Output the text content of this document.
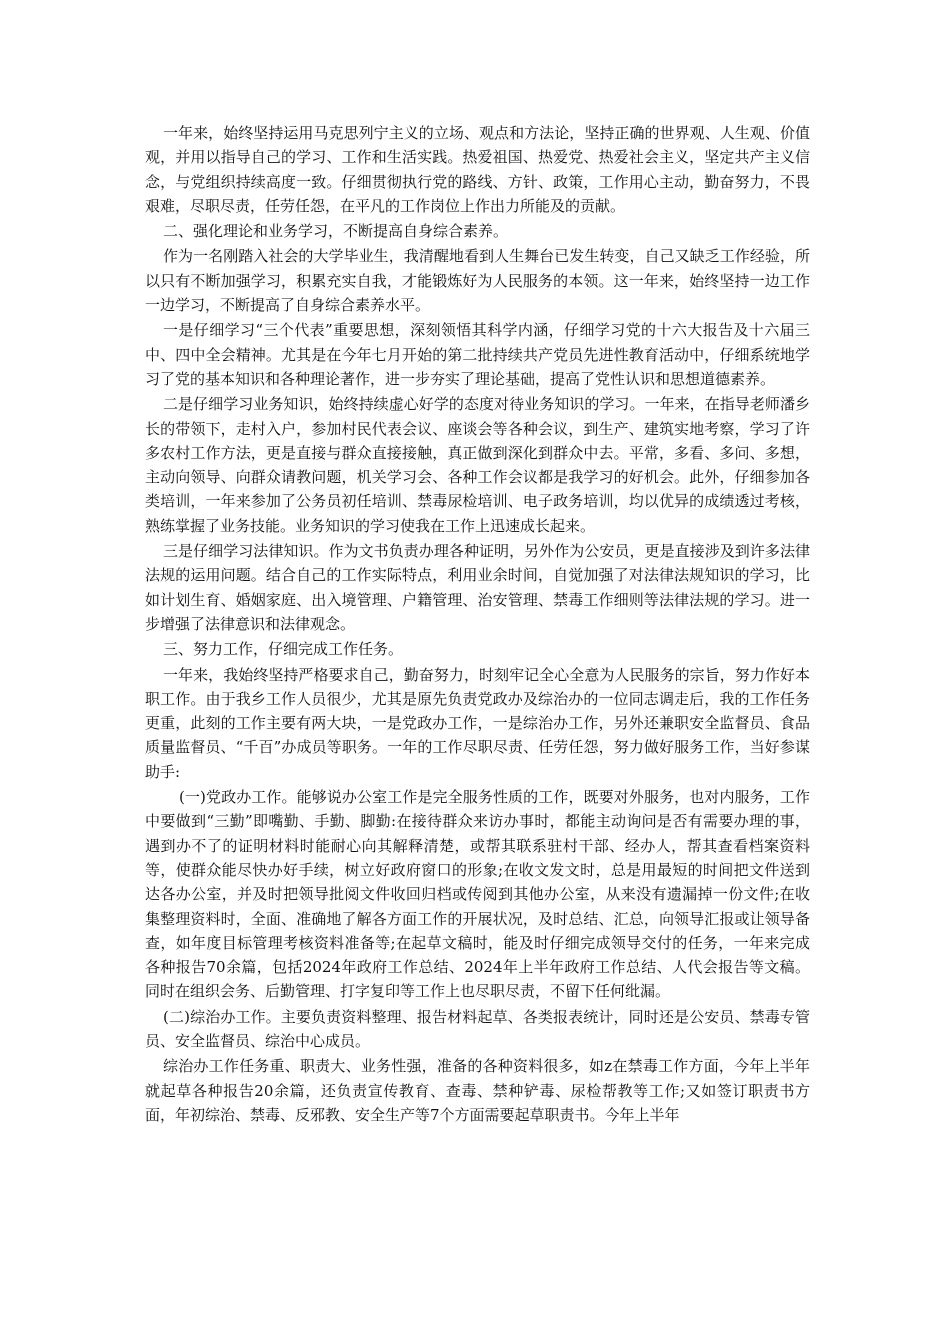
一年来，始终坚持运用马克思列宁主义的立场、观点和方法论，坚持正确的世界观、人生观、价值观，并用以指导自己的学习、工作和生活实践。热爱祖国、热爱党、热爱社会主义，坚定共产主义信念，与党组织持续高度一致。仔细贯彻执行党的路线、方针、政策，工作用心主动，勤奋努力，不畏艰难，尽职尽责，任劳任怨，在平凡的工作岗位上作出力所能及的贡献。

二、强化理论和业务学习，不断提高自身综合素养。

作为一名刚踏入社会的大学毕业生，我清醒地看到人生舞台已发生转变，自己又缺乏工作经验，所以只有不断加强学习，积累充实自我，才能锻炼好为人民服务的本领。这一年来，始终坚持一边工作一边学习，不断提高了自身综合素养水平。

一是仔细学习“三个代表”重要思想，深刻领悟其科学内涵，仔细学习党的十六大报告及十六届三中、四中全会精神。尤其是在今年七月开始的第二批持续共产党员先进性教育活动中，仔细系统地学习了党的基本知识和各种理论著作，进一步夯实了理论基础，提高了党性认识和思想道德素养。

二是仔细学习业务知识，始终持续虚心好学的态度对待业务知识的学习。一年来，在指导老师潘乡长的带领下，走村入户，参加村民代表会议、座谈会等各种会议，到生产、建筑实地考察，学习了许多农村工作方法，更是直接与群众直接接触，真正做到深化到群众中去。平常，多看、多问、多想，主动向领导、向群众请教问题，机关学习会、各种工作会议都是我学习的好机会。此外，仔细参加各类培训，一年来参加了公务员初任培训、禁毒尿检培训、电子政务培训，均以优异的成绩透过考核，熟练掌握了业务技能。业务知识的学习使我在工作上迅速成长起来。

三是仔细学习法律知识。作为文书负责办理各种证明，另外作为公安员，更是直接涉及到许多法律法规的运用问题。结合自己的工作实际特点，利用业余时间，自觉加强了对法律法规知识的学习，比如计划生育、婚姻家庭、出入境管理、户籍管理、治安管理、禁毒工作细则等法律法规的学习。进一步增强了法律意识和法律观念。

三、努力工作，仔细完成工作任务。

一年来，我始终坚持严格要求自己，勤奋努力，时刻牢记全心全意为人民服务的宗旨，努力作好本职工作。由于我乡工作人员很少，尤其是原先负责党政办及综治办的一位同志调走后，我的工作任务更重，此刻的工作主要有两大块，一是党政办工作，一是综治办工作，另外还兼职安全监督员、食品质量监督员、“千百”办成员等职务。一年的工作尽职尽责、任劳任怨，努力做好服务工作，当好参谋助手:

(一)党政办工作。能够说办公室工作是完全服务性质的工作，既要对外服务，也对内服务，工作中要做到“三勤”即嘴勤、手勤、脚勤:在接待群众来访办事时，都能主动询问是否有需要办理的事，遇到办不了的证明材料时能耐心向其解释清楚，或帮其联系驻村干部、经办人，帮其查看档案资料等，使群众能尽快办好手续，树立好政府窗口的形象;在收文发文时，总是用最短的时间把文件送到达各办公室，并及时把领导批阅文件收回归档或传阅到其他办公室，从来没有遗漏掉一份文件;在收集整理资料时，全面、准确地了解各方面工作的开展状况，及时总结、汇总，向领导汇报或让领导备查，如年度目标管理考核资料准备等;在起草文稿时，能及时仔细完成领导交付的任务，一年来完成各种报告70余篇，包括2024年政府工作总结、2024年上半年政府工作总结、人代会报告等文稿。同时在组织会务、后勤管理、打字复印等工作上也尽职尽责，不留下任何纰漏。

(二)综治办工作。主要负责资料整理、报告材料起草、各类报表统计，同时还是公安员、禁毒专管员、安全监督员、综治中心成员。

综治办工作任务重、职责大、业务性强，准备的各种资料很多，如z在禁毒工作方面，今年上半年就起草各种报告20余篇，还负责宣传教育、查毒、禁种铲毒、尿检帮教等工作;又如签订职责书方面，年初综治、禁毒、反邪教、安全生产等7个方面需要起草职责书。今年上半年
